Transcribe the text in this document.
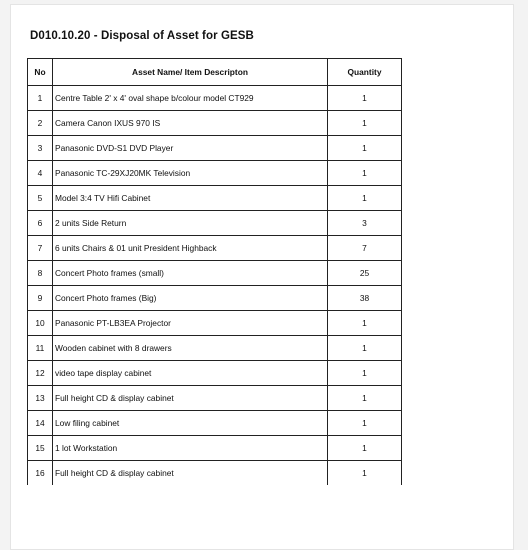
D010.10.20 - Disposal of Asset for GESB
No	Asset Name/ Item Descripton	Quantity
1	Centre Table 2' x 4' oval shape b/colour model CT929	1
2	Camera Canon IXUS 970 IS	1
3	Panasonic DVD-S1 DVD Player	1
4	Panasonic TC-29XJ20MK Television	1
5	Model 3:4 TV Hifi Cabinet	1
6	2 units Side Return	3
7	6 units Chairs & 01 unit President Highback	7
8	Concert Photo frames (small)	25
9	Concert Photo frames (Big)	38
10	Panasonic PT-LB3EA Projector	1
11	Wooden cabinet with 8 drawers	1
12	video tape display cabinet	1
13	Full height CD & display cabinet	1
14	Low filing cabinet	1
15	1 lot Workstation	1
16	Full height CD & display cabinet	1
